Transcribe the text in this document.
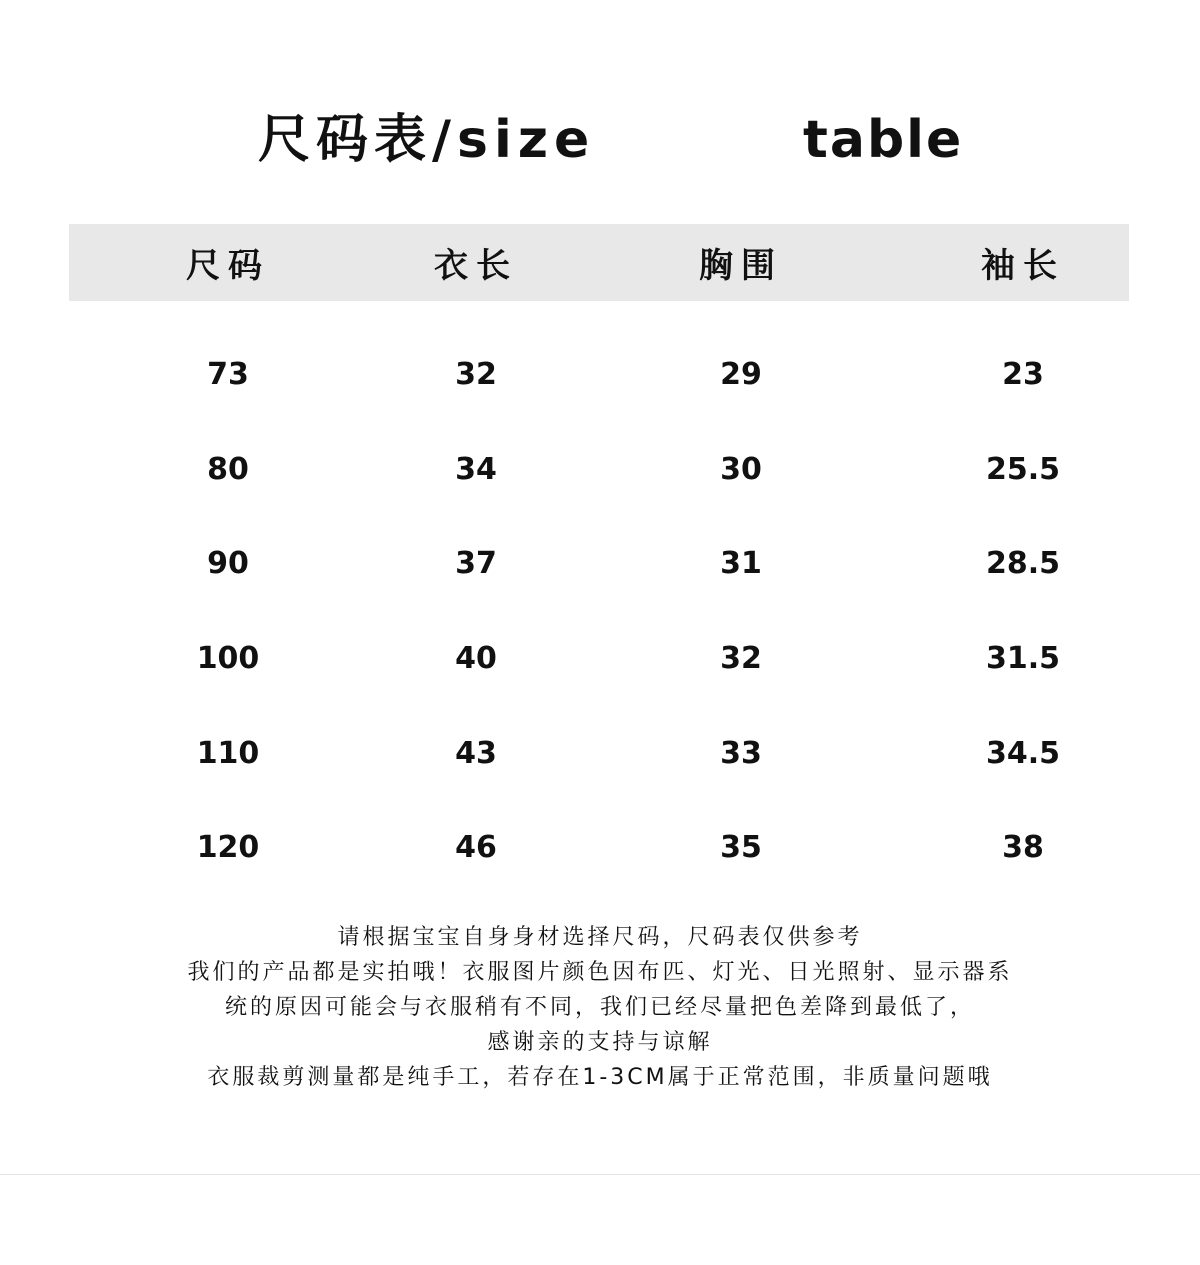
尺码表/size	table
尺码	衣长	胸围	袖长

73	32	29	23
80	34	30	25.5
90	37	31	28.5
100	40	32	31.5
110	43	33	34.5
120	46	35	38
请根据宝宝自身身材选择尺码，尺码表仅供参考
我们的产品都是实拍哦！衣服图片颜色因布匹、灯光、日光照射、显示器系
统的原因可能会与衣服稍有不同，我们已经尽量把色差降到最低了，
感谢亲的支持与谅解
衣服裁剪测量都是纯手工，若存在1-3CM属于正常范围，非质量问题哦
